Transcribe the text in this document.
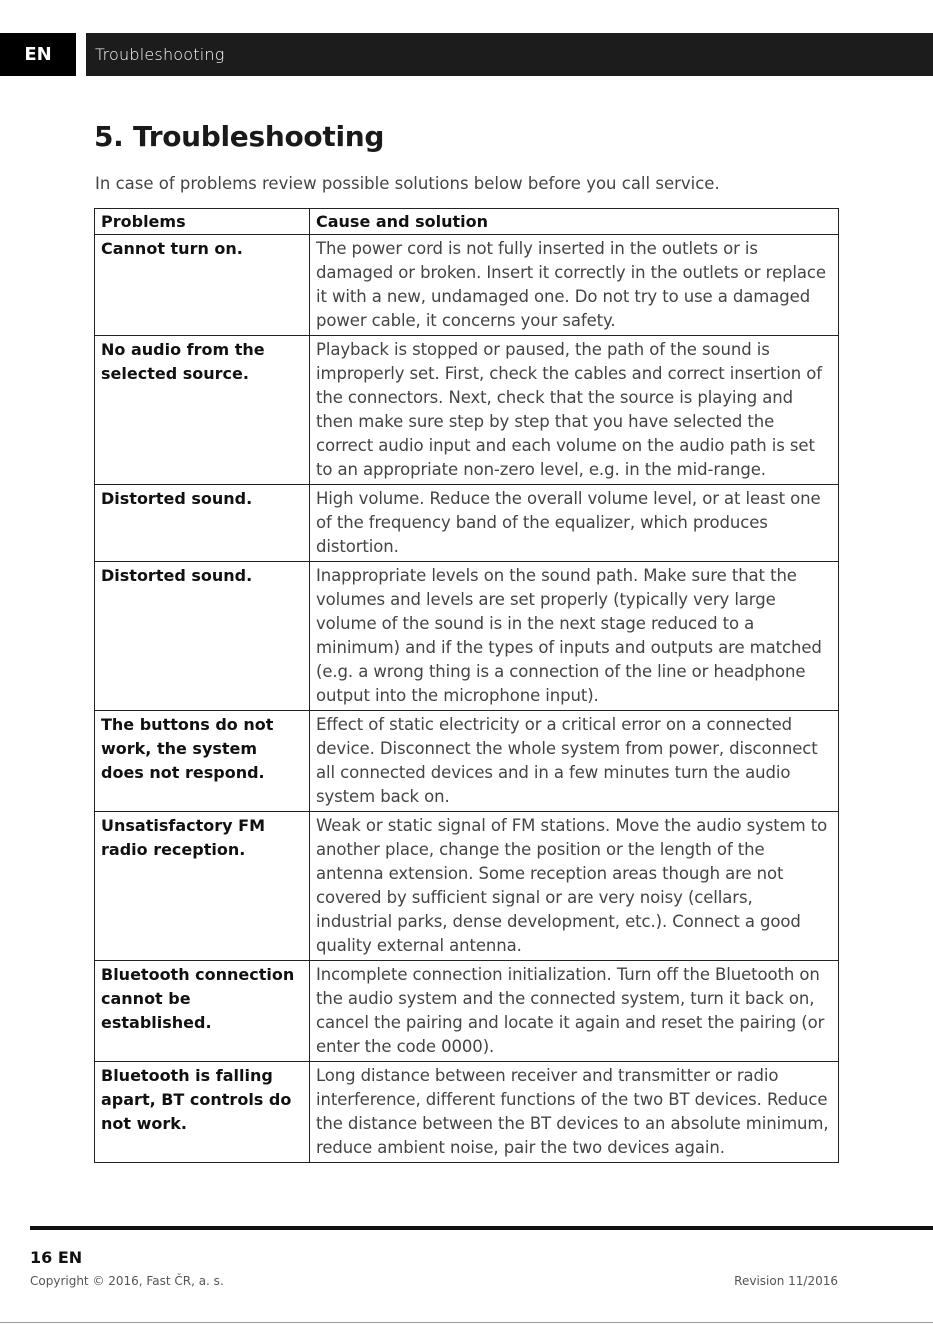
EN	Troubleshooting
5. Troubleshooting

In case of problems review possible solutions below before you call service.

Problems	Cause and solution
Cannot turn on.	The power cord is not fully inserted in the outlets or is damaged or broken. Insert it correctly in the outlets or replace it with a new, undamaged one. Do not try to use a damaged power cable, it concerns your safety.
No audio from the selected source.	Playback is stopped or paused, the path of the sound is improperly set. First, check the cables and correct insertion of the connectors. Next, check that the source is playing and then make sure step by step that you have selected the correct audio input and each volume on the audio path is set to an appropriate non-zero level, e.g. in the mid-range.
Distorted sound.	High volume. Reduce the overall volume level, or at least one of the frequency band of the equalizer, which produces distortion.
Distorted sound.	Inappropriate levels on the sound path. Make sure that the volumes and levels are set properly (typically very large volume of the sound is in the next stage reduced to a minimum) and if the types of inputs and outputs are matched (e.g. a wrong thing is a connection of the line or headphone output into the microphone input).
The buttons do not work, the system does not respond.	Effect of static electricity or a critical error on a connected device. Disconnect the whole system from power, disconnect all connected devices and in a few minutes turn the audio system back on.
Unsatisfactory FM radio reception.	Weak or static signal of FM stations. Move the audio system to another place, change the position or the length of the antenna extension. Some reception areas though are not covered by sufficient signal or are very noisy (cellars, industrial parks, dense development, etc.). Connect a good quality external antenna.
Bluetooth connection cannot be established.	Incomplete connection initialization. Turn off the Bluetooth on the audio system and the connected system, turn it back on, cancel the pairing and locate it again and reset the pairing (or enter the code 0000).
Bluetooth is falling apart, BT controls do not work.	Long distance between receiver and transmitter or radio interference, different functions of the two BT devices. Reduce the distance between the BT devices to an absolute minimum, reduce ambient noise, pair the two devices again.
16 EN
Copyright © 2016, Fast ČR, a. s.	Revision 11/2016
